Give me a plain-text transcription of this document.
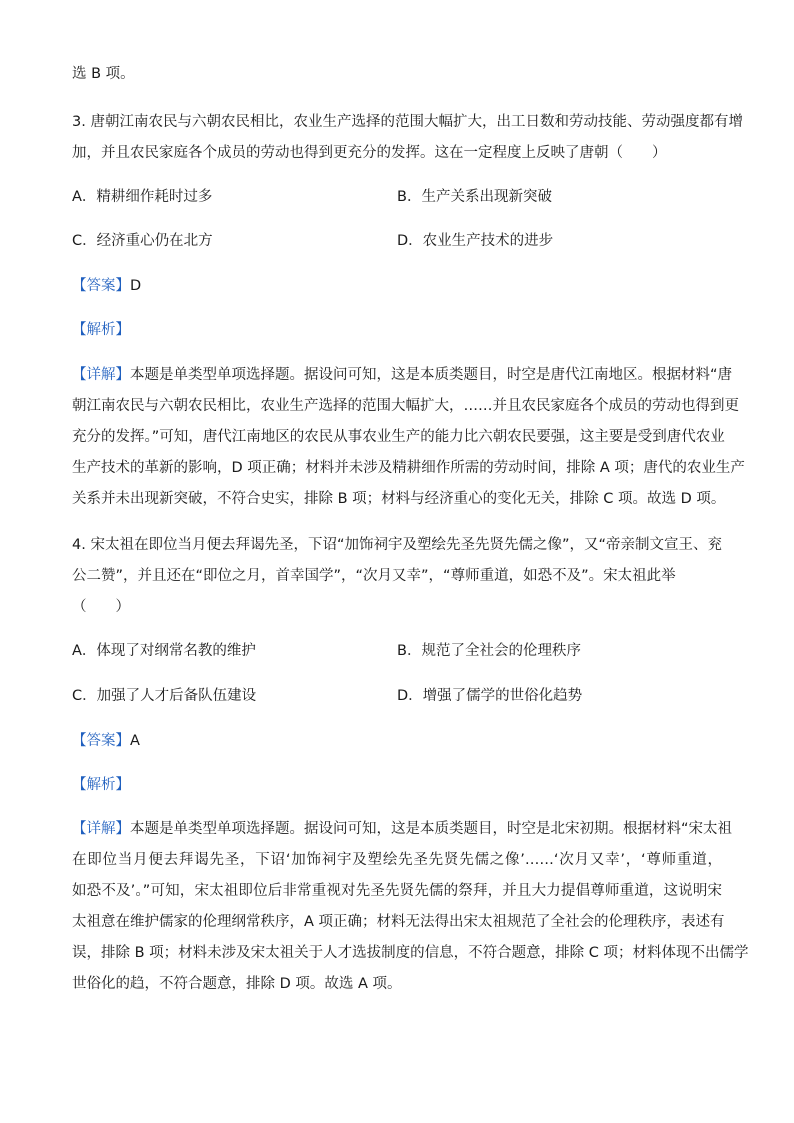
选 B 项。
3. 唐朝江南农民与六朝农民相比，农业生产选择的范围大幅扩大，出工日数和劳动技能、劳动强度都有增
加，并且农民家庭各个成员的劳动也得到更充分的发挥。这在一定程度上反映了唐朝（　　）
A．精耕细作耗时过多	B．生产关系出现新突破
C．经济重心仍在北方	D．农业生产技术的进步
【答案】D
【解析】
【详解】本题是单类型单项选择题。据设问可知，这是本质类题目，时空是唐代江南地区。根据材料“唐
朝江南农民与六朝农民相比，农业生产选择的范围大幅扩大，……并且农民家庭各个成员的劳动也得到更
充分的发挥。”可知，唐代江南地区的农民从事农业生产的能力比六朝农民要强，这主要是受到唐代农业
生产技术的革新的影响，D 项正确；材料并未涉及精耕细作所需的劳动时间，排除 A 项；唐代的农业生产
关系并未出现新突破，不符合史实，排除 B 项；材料与经济重心的变化无关，排除 C 项。故选 D 项。
4. 宋太祖在即位当月便去拜谒先圣，下诏“加饰祠宇及塑绘先圣先贤先儒之像”，又“帝亲制文宣王、兖
公二赞”，并且还在“即位之月，首幸国学”，“次月又幸”，“尊师重道，如恐不及”。宋太祖此举
（　　）
A．体现了对纲常名教的维护	B．规范了全社会的伦理秩序
C．加强了人才后备队伍建设	D．增强了儒学的世俗化趋势
【答案】A
【解析】
【详解】本题是单类型单项选择题。据设问可知，这是本质类题目，时空是北宋初期。根据材料“宋太祖
在即位当月便去拜谒先圣，下诏‘加饰祠宇及塑绘先圣先贤先儒之像’……‘次月又幸’，‘尊师重道，
如恐不及’。”可知，宋太祖即位后非常重视对先圣先贤先儒的祭拜，并且大力提倡尊师重道，这说明宋
太祖意在维护儒家的伦理纲常秩序，A 项正确；材料无法得出宋太祖规范了全社会的伦理秩序，表述有
误，排除 B 项；材料未涉及宋太祖关于人才选拔制度的信息，不符合题意，排除 C 项；材料体现不出儒学
世俗化的趋，不符合题意，排除 D 项。故选 A 项。
